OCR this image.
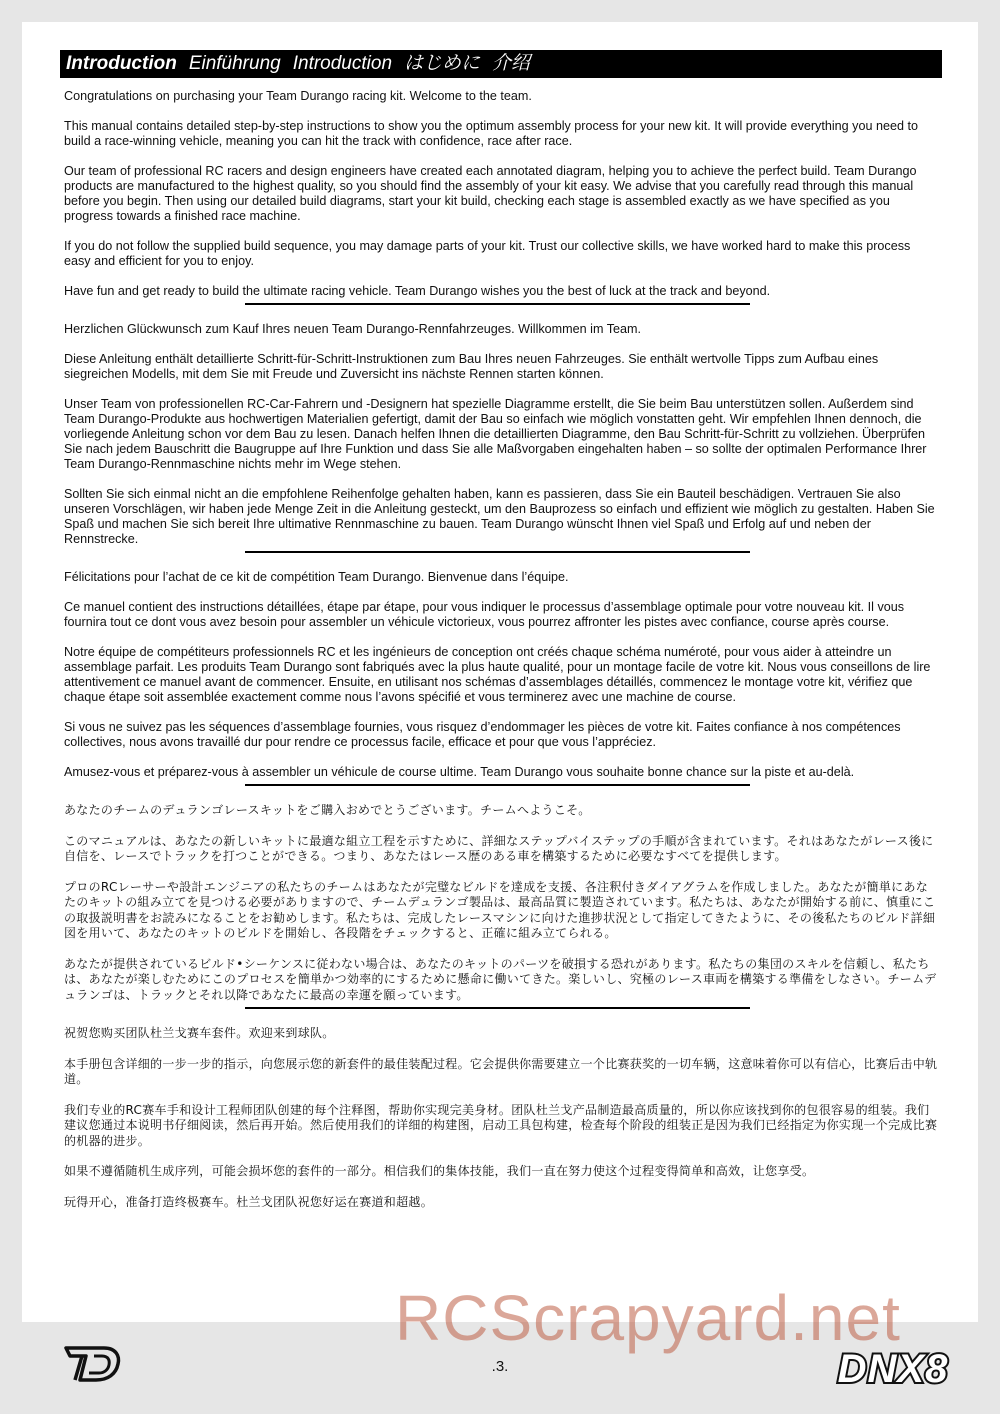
Introduction Einführung Introduction はじめに 介绍

Congratulations on purchasing your Team Durango racing kit. Welcome to the team.

This manual contains detailed step-by-step instructions to show you the optimum assembly process for your new kit. It will provide everything you need to build a race-winning vehicle, meaning you can hit the track with confidence, race after race.

Our team of professional RC racers and design engineers have created each annotated diagram, helping you to achieve the perfect build. Team Durango products are manufactured to the highest quality, so you should find the assembly of your kit easy. We advise that you carefully read through this manual before you begin. Then using our detailed build diagrams, start your kit build, checking each stage is assembled exactly as we have specified as you progress towards a finished race machine.

If you do not follow the supplied build sequence, you may damage parts of your kit. Trust our collective skills, we have worked hard to make this process easy and efficient for you to enjoy.

Have fun and get ready to build the ultimate racing vehicle. Team Durango wishes you the best of luck at the track and beyond.

Herzlichen Glückwunsch zum Kauf Ihres neuen Team Durango-Rennfahrzeuges. Willkommen im Team.

Diese Anleitung enthält detaillierte Schritt-für-Schritt-Instruktionen zum Bau Ihres neuen Fahrzeuges. Sie enthält wertvolle Tipps zum Aufbau eines siegreichen Modells, mit dem Sie mit Freude und Zuversicht ins nächste Rennen starten können.

Unser Team von professionellen RC-Car-Fahrern und -Designern hat spezielle Diagramme erstellt, die Sie beim Bau unterstützen sollen. Außerdem sind Team Durango-Produkte aus hochwertigen Materialien gefertigt, damit der Bau so einfach wie möglich vonstatten geht. Wir empfehlen Ihnen dennoch, die vorliegende Anleitung schon vor dem Bau zu lesen. Danach helfen Ihnen die detaillierten Diagramme, den Bau Schritt-für-Schritt zu vollziehen. Überprüfen Sie nach jedem Bauschritt die Baugruppe auf Ihre Funktion und dass Sie alle Maßvorgaben eingehalten haben – so sollte der optimalen Performance Ihrer Team Durango-Rennmaschine nichts mehr im Wege stehen.

Sollten Sie sich einmal nicht an die empfohlene Reihenfolge gehalten haben, kann es passieren, dass Sie ein Bauteil beschädigen. Vertrauen Sie also unseren Vorschlägen, wir haben jede Menge Zeit in die Anleitung gesteckt, um den Bauprozess so einfach und effizient wie möglich zu gestalten. Haben Sie Spaß und machen Sie sich bereit Ihre ultimative Rennmaschine zu bauen. Team Durango wünscht Ihnen viel Spaß und Erfolg auf und neben der Rennstrecke.

Félicitations pour l’achat de ce kit de compétition Team Durango. Bienvenue dans l’équipe.

Ce manuel contient des instructions détaillées, étape par étape, pour vous indiquer le processus d’assemblage optimale pour votre nouveau kit. Il vous fournira tout ce dont vous avez besoin pour assembler un véhicule victorieux, vous pourrez affronter les pistes avec confiance, course après course.

Notre équipe de compétiteurs professionnels RC et les ingénieurs de conception ont créés chaque schéma numéroté, pour vous aider à atteindre un assemblage parfait. Les produits Team Durango sont fabriqués avec la plus haute qualité, pour un montage facile de votre kit. Nous vous conseillons de lire attentivement ce manuel avant de commencer. Ensuite, en utilisant nos schémas d’assemblages détaillés, commencez le montage votre kit, vérifiez que chaque étape soit assemblée exactement comme nous l’avons spécifié et vous terminerez avec une machine de course.

Si vous ne suivez pas les séquences d’assemblage fournies, vous risquez d’endommager les pièces de votre kit. Faites confiance à nos compétences collectives, nous avons travaillé dur pour rendre ce processus facile, efficace et pour que vous l’appréciez.

Amusez-vous et préparez-vous à assembler un véhicule de course ultime. Team Durango vous souhaite bonne chance sur la piste et au-delà.

あなたのチームのデュランゴレースキットをご購入おめでとうございます。チームへようこそ。

このマニュアルは、あなたの新しいキットに最適な組立工程を示すために、詳細なステップバイステップの手順が含まれています。それはあなたがレース後に自信を、レースでトラックを打つことができる。つまり、あなたはレース歴のある車を構築するために必要なすべてを提供します。

プロのRCレーサーや設計エンジニアの私たちのチームはあなたが完璧なビルドを達成を支援、各注釈付きダイアグラムを作成しました。あなたが簡単にあなたのキットの組み立てを見つける必要がありますので、チームデュランゴ製品は、最高品質に製造されています。私たちは、あなたが開始する前に、慎重にこの取扱説明書をお読みになることをお勧めします。私たちは、完成したレースマシンに向けた進捗状況として指定してきたように、その後私たちのビルド詳細図を用いて、あなたのキットのビルドを開始し、各段階をチェックすると、正確に組み立てられる。

あなたが提供されているビルド•シーケンスに従わない場合は、あなたのキットのパーツを破損する恐れがあります。私たちの集団のスキルを信頼し、私たちは、あなたが楽しむためにこのプロセスを簡単かつ効率的にするために懸命に働いてきた。楽しいし、究極のレース車両を構築する準備をしなさい。チームデュランゴは、トラックとそれ以降であなたに最高の幸運を願っています。

祝贺您购买团队杜兰戈赛车套件。欢迎来到球队。

本手册包含详细的一步一步的指示，向您展示您的新套件的最佳装配过程。它会提供你需要建立一个比赛获奖的一切车辆，这意味着你可以有信心，比赛后击中轨道。

我们专业的RC赛车手和设计工程师团队创建的每个注释图，帮助你实现完美身材。团队杜兰戈产品制造最高质量的，所以你应该找到你的包很容易的组装。我们建议您通过本说明书仔细阅读，然后再开始。然后使用我们的详细的构建图，启动工具包构建，检查每个阶段的组装正是因为我们已经指定为你实现一个完成比赛的机器的进步。

如果不遵循随机生成序列，可能会损坏您的套件的一部分。相信我们的集体技能，我们一直在努力使这个过程变得简单和高效，让您享受。

玩得开心，准备打造终极赛车。杜兰戈团队祝您好运在赛道和超越。

RCScrapyard.net
.3.	DNX8
